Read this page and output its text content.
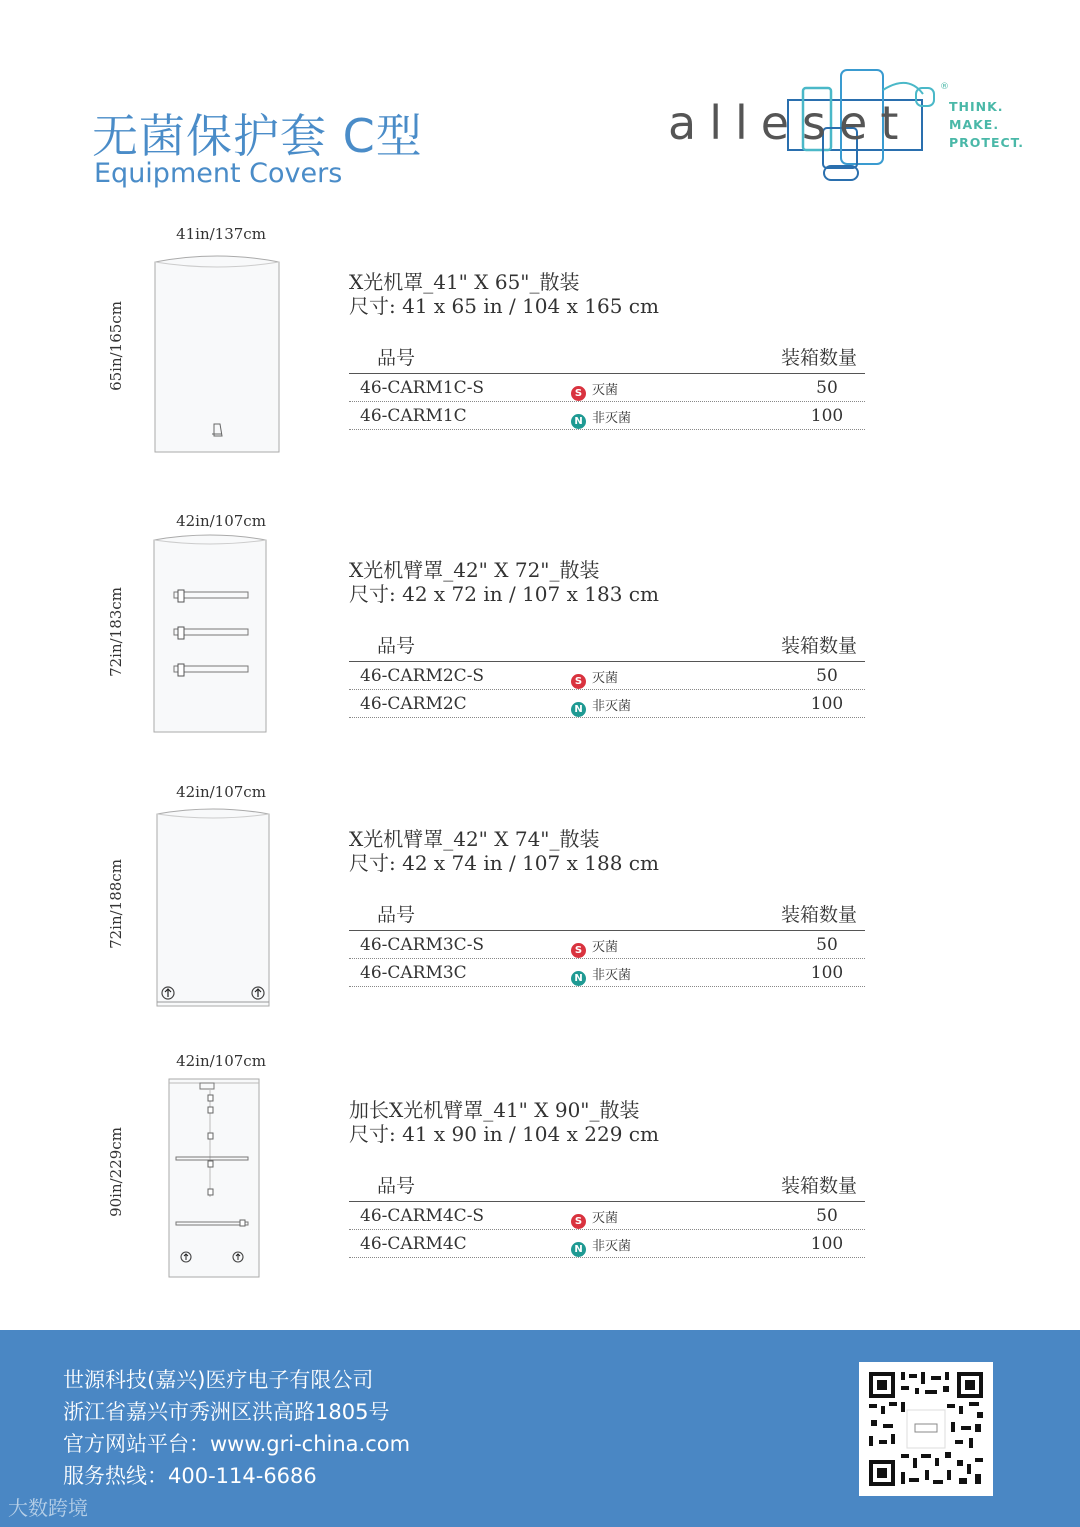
无菌保护套 C型
Equipment Covers
alleset
®
THINK.
MAKE.
PROTECT.
41in/137cm
65in/165cm
X光机罩_41" X 65"_散装
尺寸: 41 x 65 in / 104 x 165 cm
品号	装箱数量
46-CARM1C-S	S 灭菌	50
46-CARM1C	N 非灭菌	100
42in/107cm
72in/183cm
X光机臂罩_42" X 72"_散装
尺寸: 42 x 72 in / 107 x 183 cm
品号	装箱数量
46-CARM2C-S	S 灭菌	50
46-CARM2C	N 非灭菌	100
42in/107cm
72in/188cm
X光机臂罩_42" X 74"_散装
尺寸: 42 x 74 in / 107 x 188 cm
品号	装箱数量
46-CARM3C-S	S 灭菌	50
46-CARM3C	N 非灭菌	100
42in/107cm
90in/229cm
加长X光机臂罩_41" X 90"_散装
尺寸: 41 x 90 in / 104 x 229 cm
品号	装箱数量
46-CARM4C-S	S 灭菌	50
46-CARM4C	N 非灭菌	100
世源科技(嘉兴)医疗电子有限公司
浙江省嘉兴市秀洲区洪高路1805号
官方网站平台：www.gri-china.com
服务热线：400-114-6686
大数跨境
